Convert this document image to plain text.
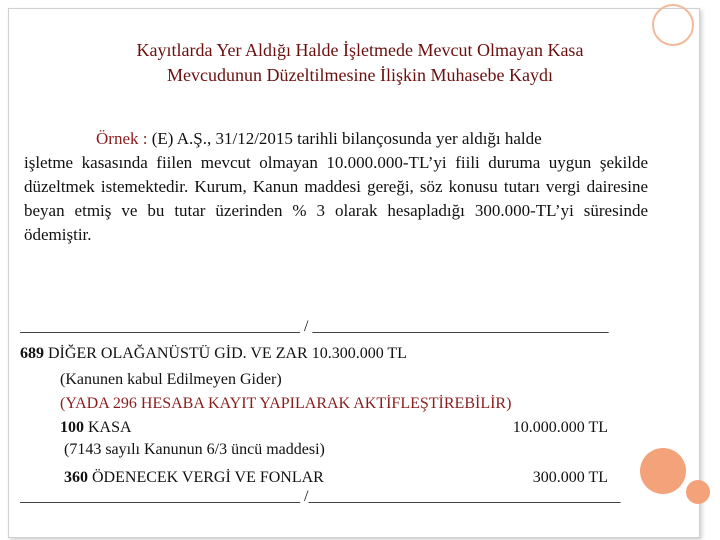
Kayıtlarda Yer Aldığı Halde İşletmede Mevcut Olmayan Kasa
Mevcudunun Düzeltilmesine İlişkin Muhasebe Kaydı
Örnek : (E) A.Ş., 31/12/2015 tarihli bilançosunda yer aldığı halde
işletme kasasında fiilen mevcut olmayan 10.000.000-TL’yi fiili duruma uygun şekilde düzeltmek istemektedir. Kurum, Kanun maddesi gereği, söz konusu tutarı vergi dairesine beyan etmiş ve bu tutar üzerinden % 3 olarak hesapladığı 300.000-TL’yi süresinde ödemiştir.
___________________________________ / _____________________________________
689 DİĞER OLAĞANÜSTÜ GİD. VE ZAR 10.300.000 TL
(Kanunen kabul Edilmeyen Gider)
(YADA 296 HESABA KAYIT YAPILARAK AKTİFLEŞTİREBİLİR)
100 KASA	10.000.000 TL
(7143 sayılı Kanunun 6/3 üncü maddesi)
360 ÖDENECEK VERGİ VE FONLAR	300.000 TL
___________________________________ /_______________________________________
